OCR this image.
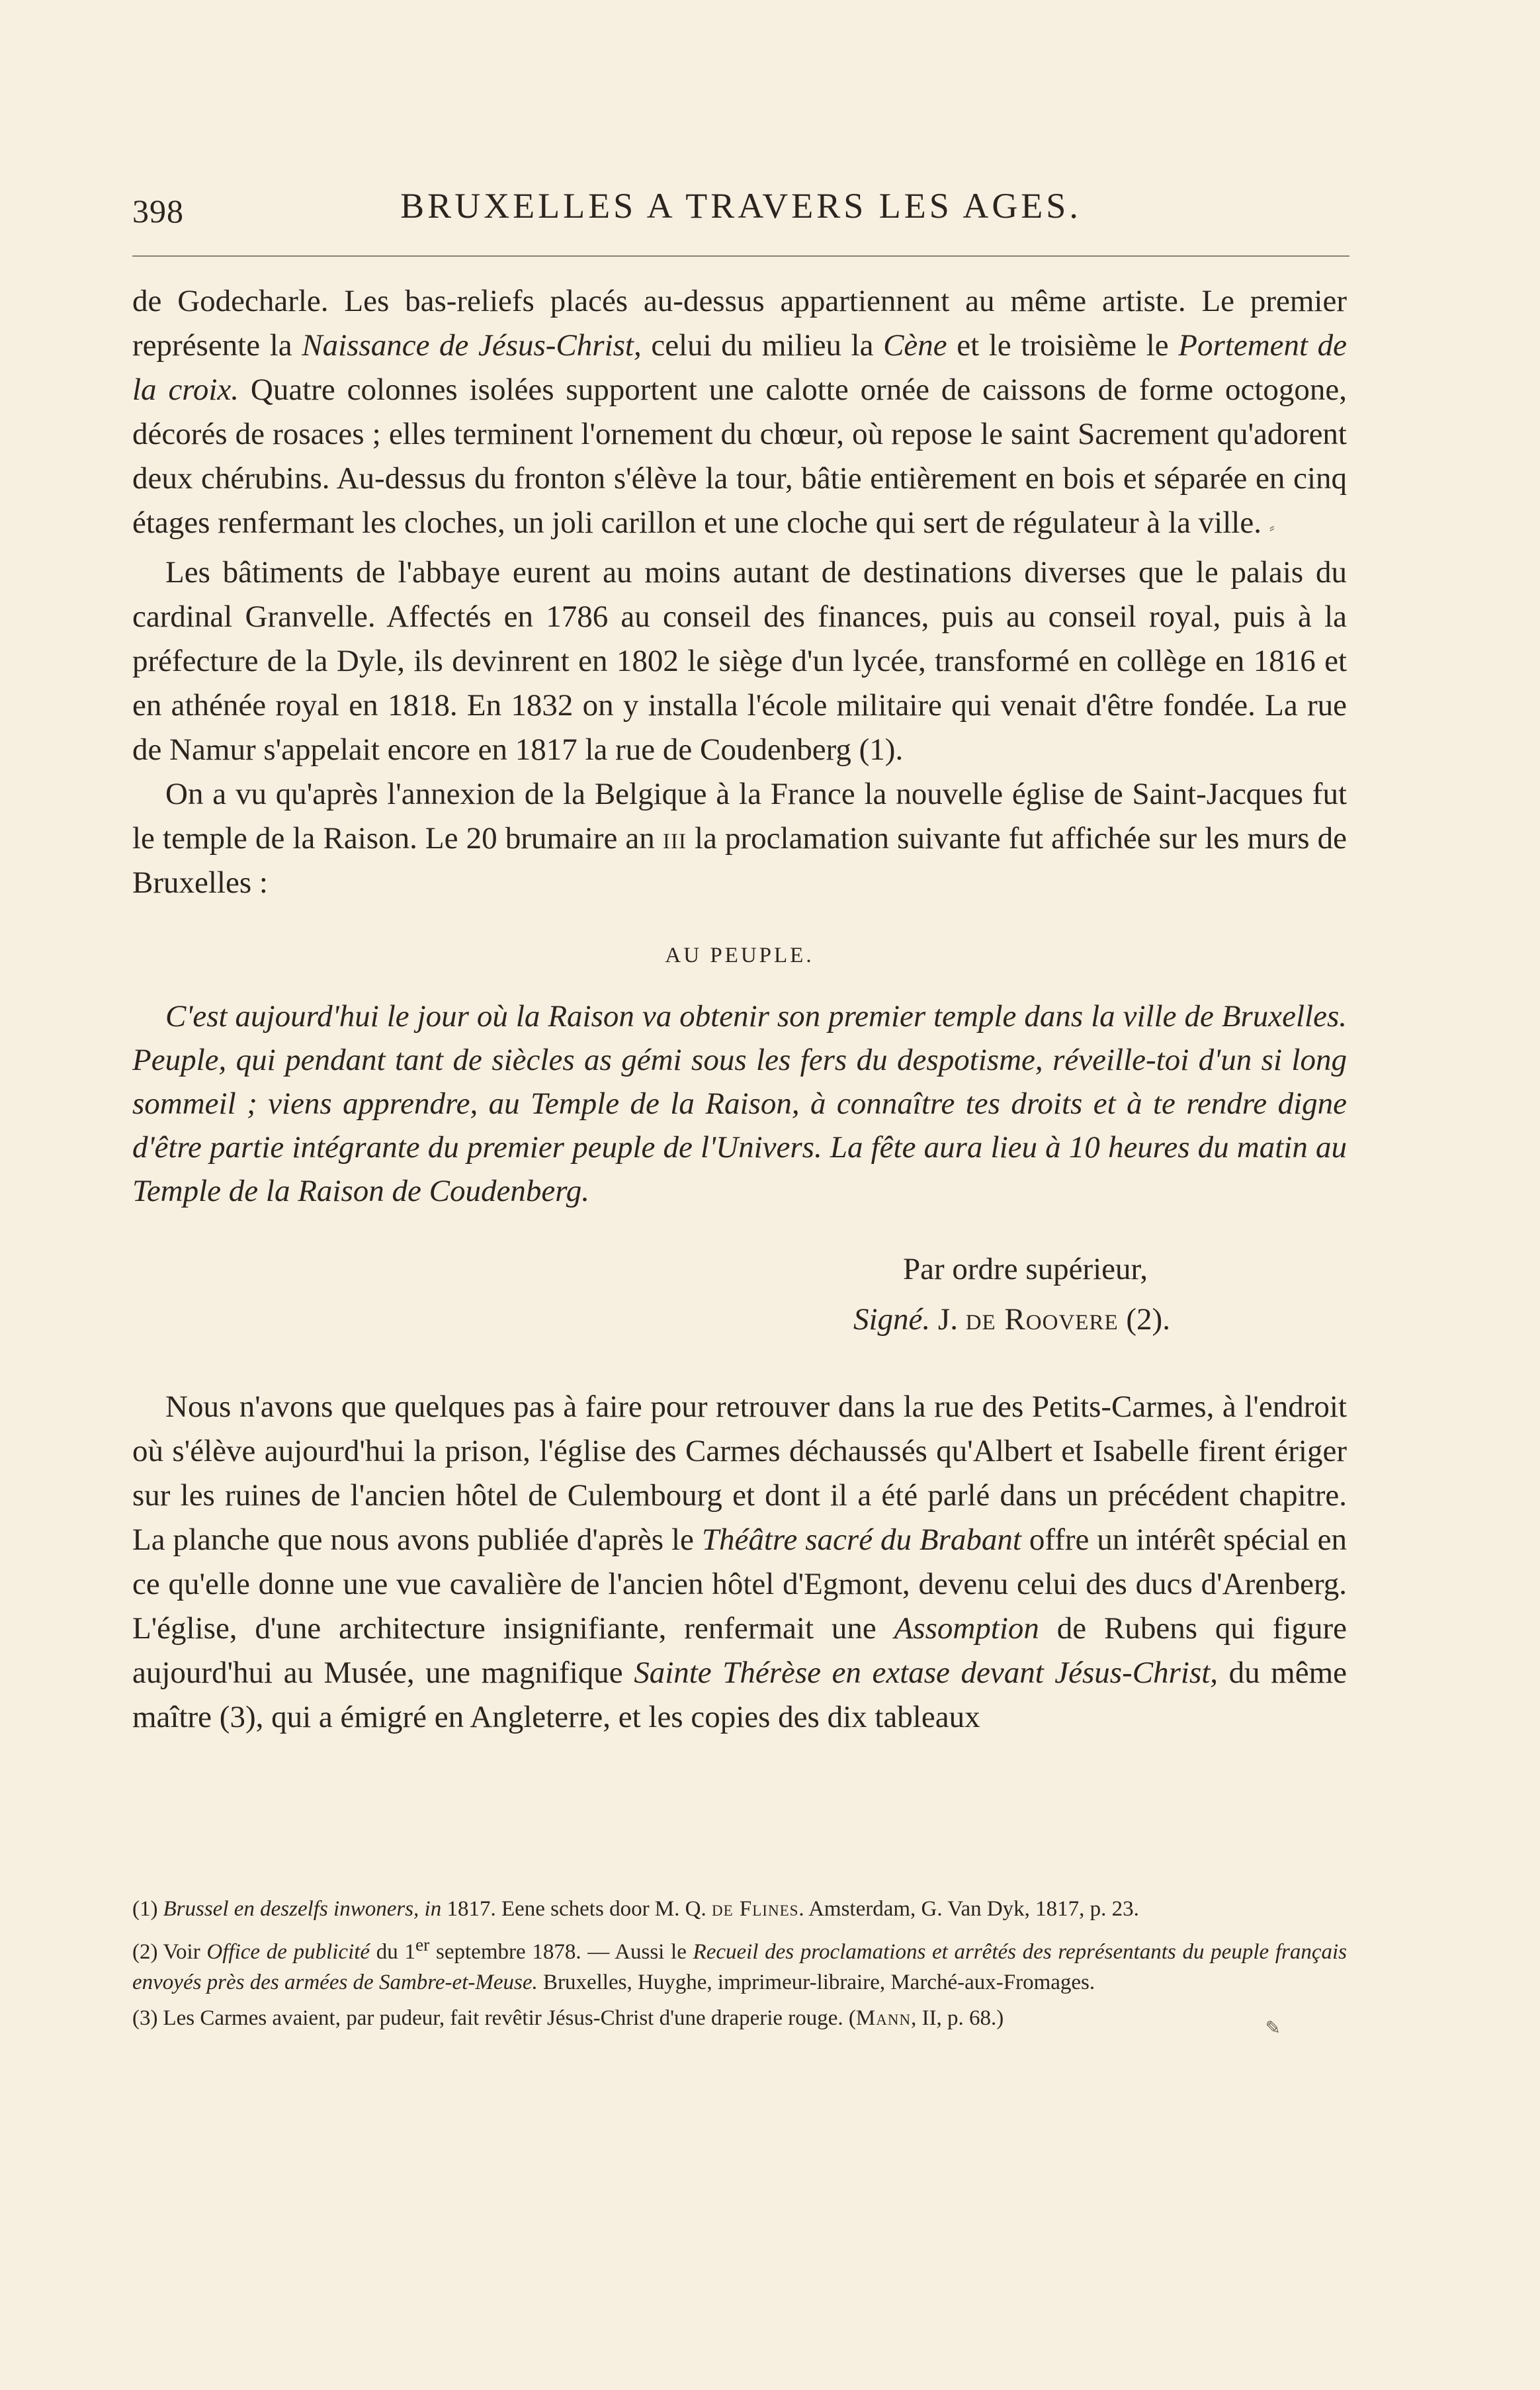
398	BRUXELLES A TRAVERS LES AGES.

de Godecharle. Les bas-reliefs placés au-dessus appartiennent au même artiste. Le premier représente la Naissance de Jésus-Christ, celui du milieu la Cène et le troisième le Portement de la croix. Quatre colonnes isolées supportent une calotte ornée de caissons de forme octogone, décorés de rosaces ; elles terminent l'ornement du chœur, où repose le saint Sacrement qu'adorent deux chérubins. Au-dessus du fronton s'élève la tour, bâtie entièrement en bois et séparée en cinq étages renfermant les cloches, un joli carillon et une cloche qui sert de régulateur à la ville. ⸗

Les bâtiments de l'abbaye eurent au moins autant de destinations diverses que le palais du cardinal Granvelle. Affectés en 1786 au conseil des finances, puis au conseil royal, puis à la préfecture de la Dyle, ils devinrent en 1802 le siège d'un lycée, transformé en collège en 1816 et en athénée royal en 1818. En 1832 on y installa l'école militaire qui venait d'être fondée. La rue de Namur s'appelait encore en 1817 la rue de Coudenberg (1).

On a vu qu'après l'annexion de la Belgique à la France la nouvelle église de Saint-Jacques fut le temple de la Raison. Le 20 brumaire an iii la proclamation suivante fut affichée sur les murs de Bruxelles :

AU PEUPLE.

C'est aujourd'hui le jour où la Raison va obtenir son premier temple dans la ville de Bruxelles. Peuple, qui pendant tant de siècles as gémi sous les fers du despotisme, réveille-toi d'un si long sommeil ; viens apprendre, au Temple de la Raison, à connaître tes droits et à te rendre digne d'être partie intégrante du premier peuple de l'Univers. La fête aura lieu à 10 heures du matin au Temple de la Raison de Coudenberg.

Par ordre supérieur,

Signé. J. de Roovere (2).

Nous n'avons que quelques pas à faire pour retrouver dans la rue des Petits-Carmes, à l'endroit où s'élève aujourd'hui la prison, l'église des Carmes déchaussés qu'Albert et Isabelle firent ériger sur les ruines de l'ancien hôtel de Culembourg et dont il a été parlé dans un précédent chapitre. La planche que nous avons publiée d'après le Théâtre sacré du Brabant offre un intérêt spécial en ce qu'elle donne une vue cavalière de l'ancien hôtel d'Egmont, devenu celui des ducs d'Arenberg. L'église, d'une architecture insignifiante, renfermait une Assomption de Rubens qui figure aujourd'hui au Musée, une magnifique Sainte Thérèse en extase devant Jésus-Christ, du même maître (3), qui a émigré en Angleterre, et les copies des dix tableaux

(1) Brussel en deszelfs inwoners, in 1817. Eene schets door M. Q. de Flines. Amsterdam, G. Van Dyk, 1817, p. 23.

(2) Voir Office de publicité du 1er septembre 1878. — Aussi le Recueil des proclamations et arrêtés des représentants du peuple français envoyés près des armées de Sambre-et-Meuse. Bruxelles, Huyghe, imprimeur-libraire, Marché-aux-Fromages.

(3) Les Carmes avaient, par pudeur, fait revêtir Jésus-Christ d'une draperie rouge. (Mann, II, p. 68.)	✎
